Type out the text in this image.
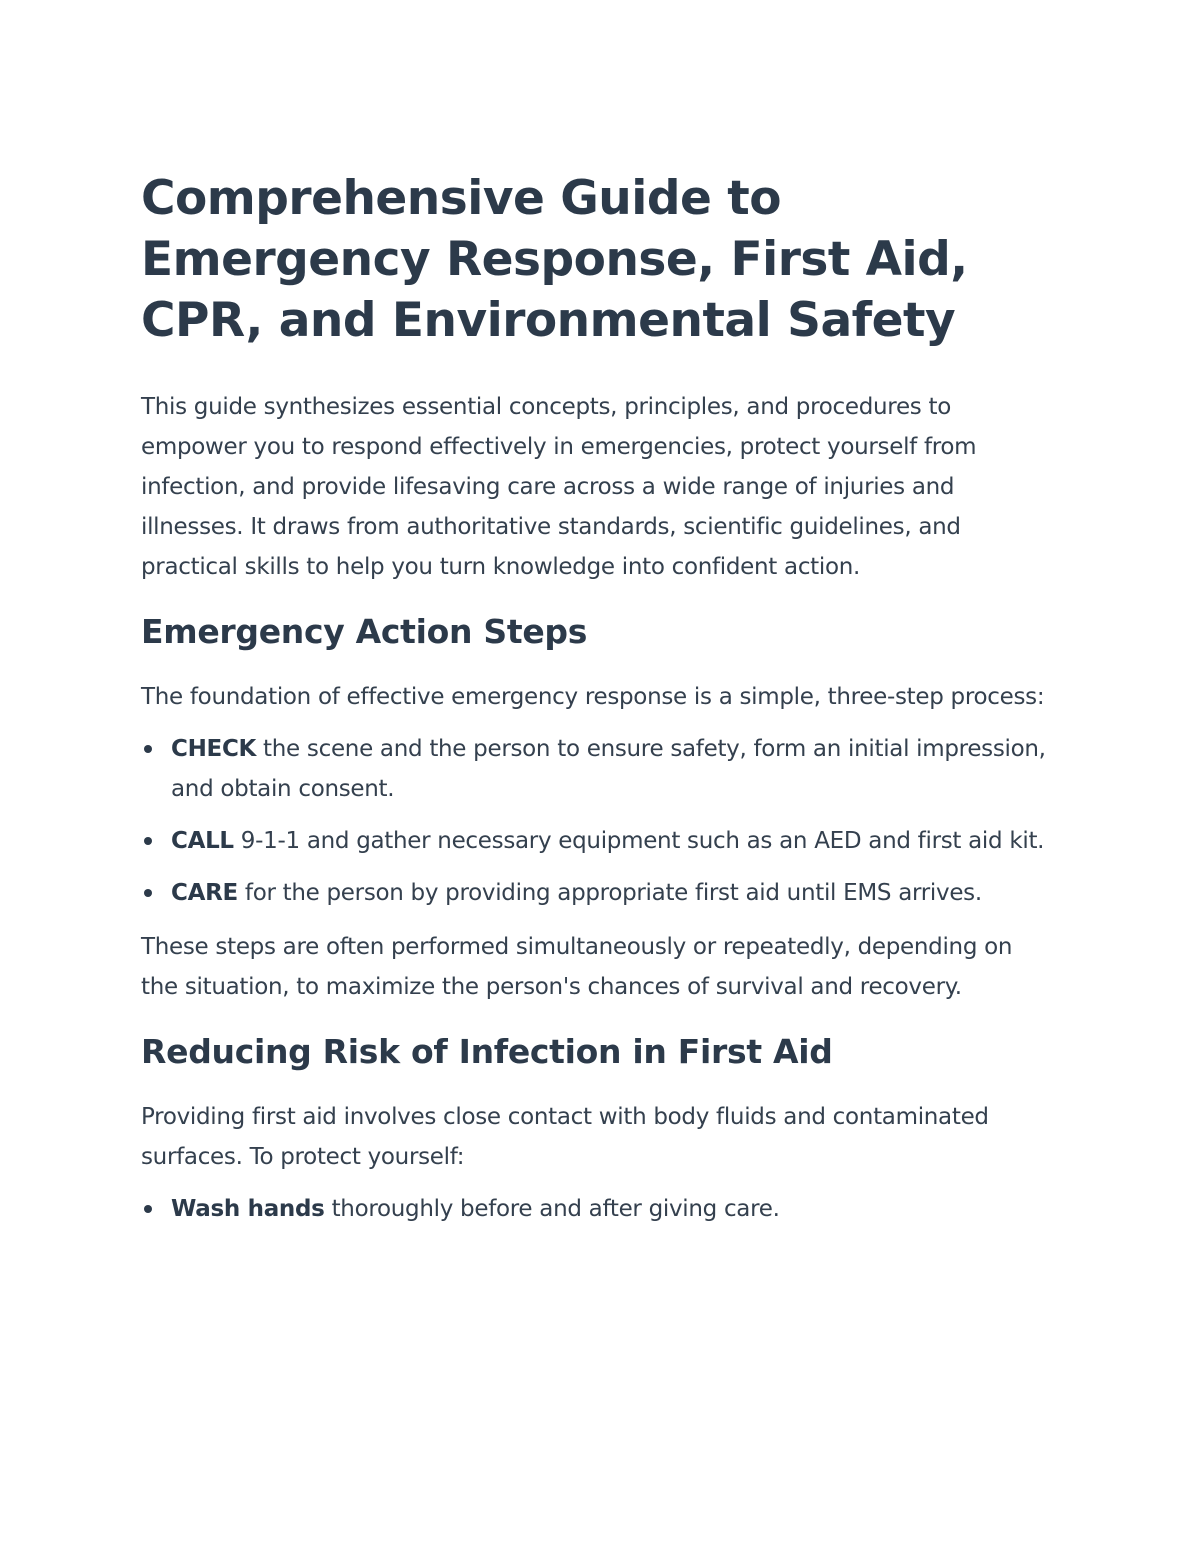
Comprehensive Guide to Emergency Response, First Aid, CPR, and Environmental Safety

This guide synthesizes essential concepts, principles, and procedures to empower you to respond effectively in emergencies, protect yourself from infection, and provide lifesaving care across a wide range of injuries and illnesses. It draws from authoritative standards, scientific guidelines, and practical skills to help you turn knowledge into confident action.

Emergency Action Steps

The foundation of effective emergency response is a simple, three-step process:

CHECK the scene and the person to ensure safety, form an initial impression, and obtain consent.
CALL 9-1-1 and gather necessary equipment such as an AED and first aid kit.
CARE for the person by providing appropriate first aid until EMS arrives.

These steps are often performed simultaneously or repeatedly, depending on the situation, to maximize the person's chances of survival and recovery.

Reducing Risk of Infection in First Aid

Providing first aid involves close contact with body fluids and contaminated surfaces. To protect yourself:

Wash hands thoroughly before and after giving care.
